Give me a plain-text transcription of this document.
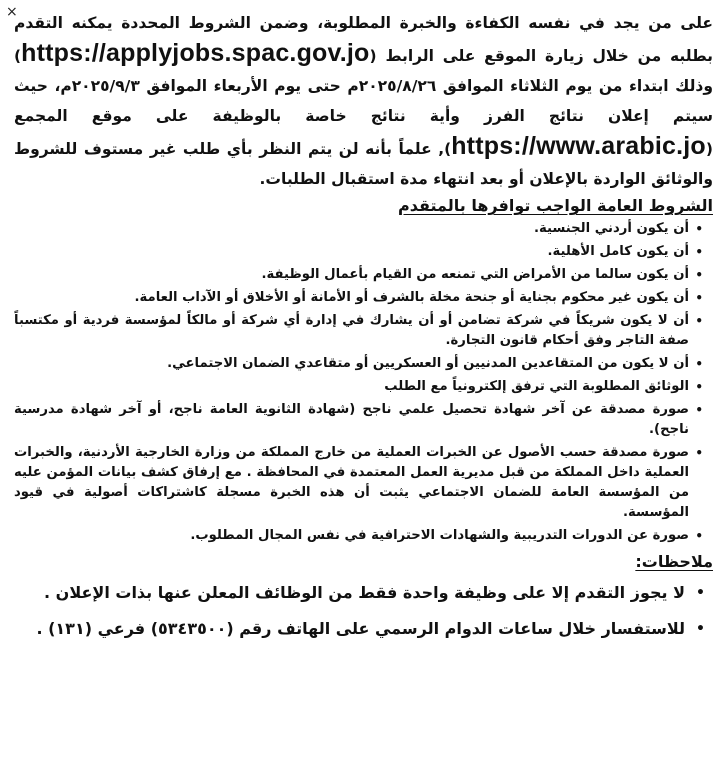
×

على من يجد في نفسه الكفاءة والخبرة المطلوبة، وضمن الشروط المحددة يمكنه التقدم بطلبه من خلال زيارة الموقع على الرابط (https://applyjobs.spac.gov.jo) وذلك ابتداء من يوم الثلاثاء الموافق ٢٠٢٥/٨/٢٦م حتى يوم الأربعاء الموافق ٢٠٢٥/٩/٣م، حيث سيتم إعلان نتائج الفرز وأية نتائج خاصة بالوظيفة على موقع المجمع (https://www.arabic.jo), علماً بأنه لن يتم النظر بأي طلب غير مستوف للشروط والوثائق الواردة بالإعلان أو بعد انتهاء مدة استقبال الطلبات.

الشروط العامة الواجب توافرها بالمتقدم
•
أن يكون أردني الجنسية.
•
أن يكون كامل الأهلية.
•
أن يكون سالما من الأمراض التي تمنعه من القيام بأعمال الوظيفة.
•
أن يكون غير محكوم بجناية أو جنحة مخلة بالشرف أو الأمانة أو الأخلاق أو الآداب العامة.
•
أن لا يكون شريكاً في شركة تضامن أو أن يشارك في إدارة أي شركة أو مالكاً لمؤسسة فردية أو مكتسباً صفة التاجر وفق أحكام قانون التجارة.
•
أن لا يكون من المتقاعدين المدنيين أو العسكريين أو متقاعدي الضمان الاجتماعي.
•
الوثائق المطلوبة التي ترفق إلكترونياً مع الطلب
•
صورة مصدقة عن آخر شهادة تحصيل علمي ناجح (شهادة الثانوية العامة ناجح، أو آخر شهادة مدرسية ناجح).
•
صورة مصدقة حسب الأصول عن الخبرات العملية من خارج المملكة من وزارة الخارجية الأردنية، والخبرات العملية داخل المملكة من قبل مديرية العمل المعتمدة في المحافظة . مع إرفاق كشف بيانات المؤمن عليه من المؤسسة العامة للضمان الاجتماعي يثبت أن هذه الخبرة مسجلة كاشتراكات أصولية في قيود المؤسسة.
•
صورة عن الدورات التدريبية والشهادات الاحترافية في نفس المجال المطلوب.
ملاحظات:
•
لا يجوز التقدم إلا على وظيفة واحدة فقط من الوظائف المعلن عنها بذات الإعلان .
•
للاستفسار خلال ساعات الدوام الرسمي على الهاتف رقم (٥٣٤٣٥٠٠) فرعي (١٣١) .
